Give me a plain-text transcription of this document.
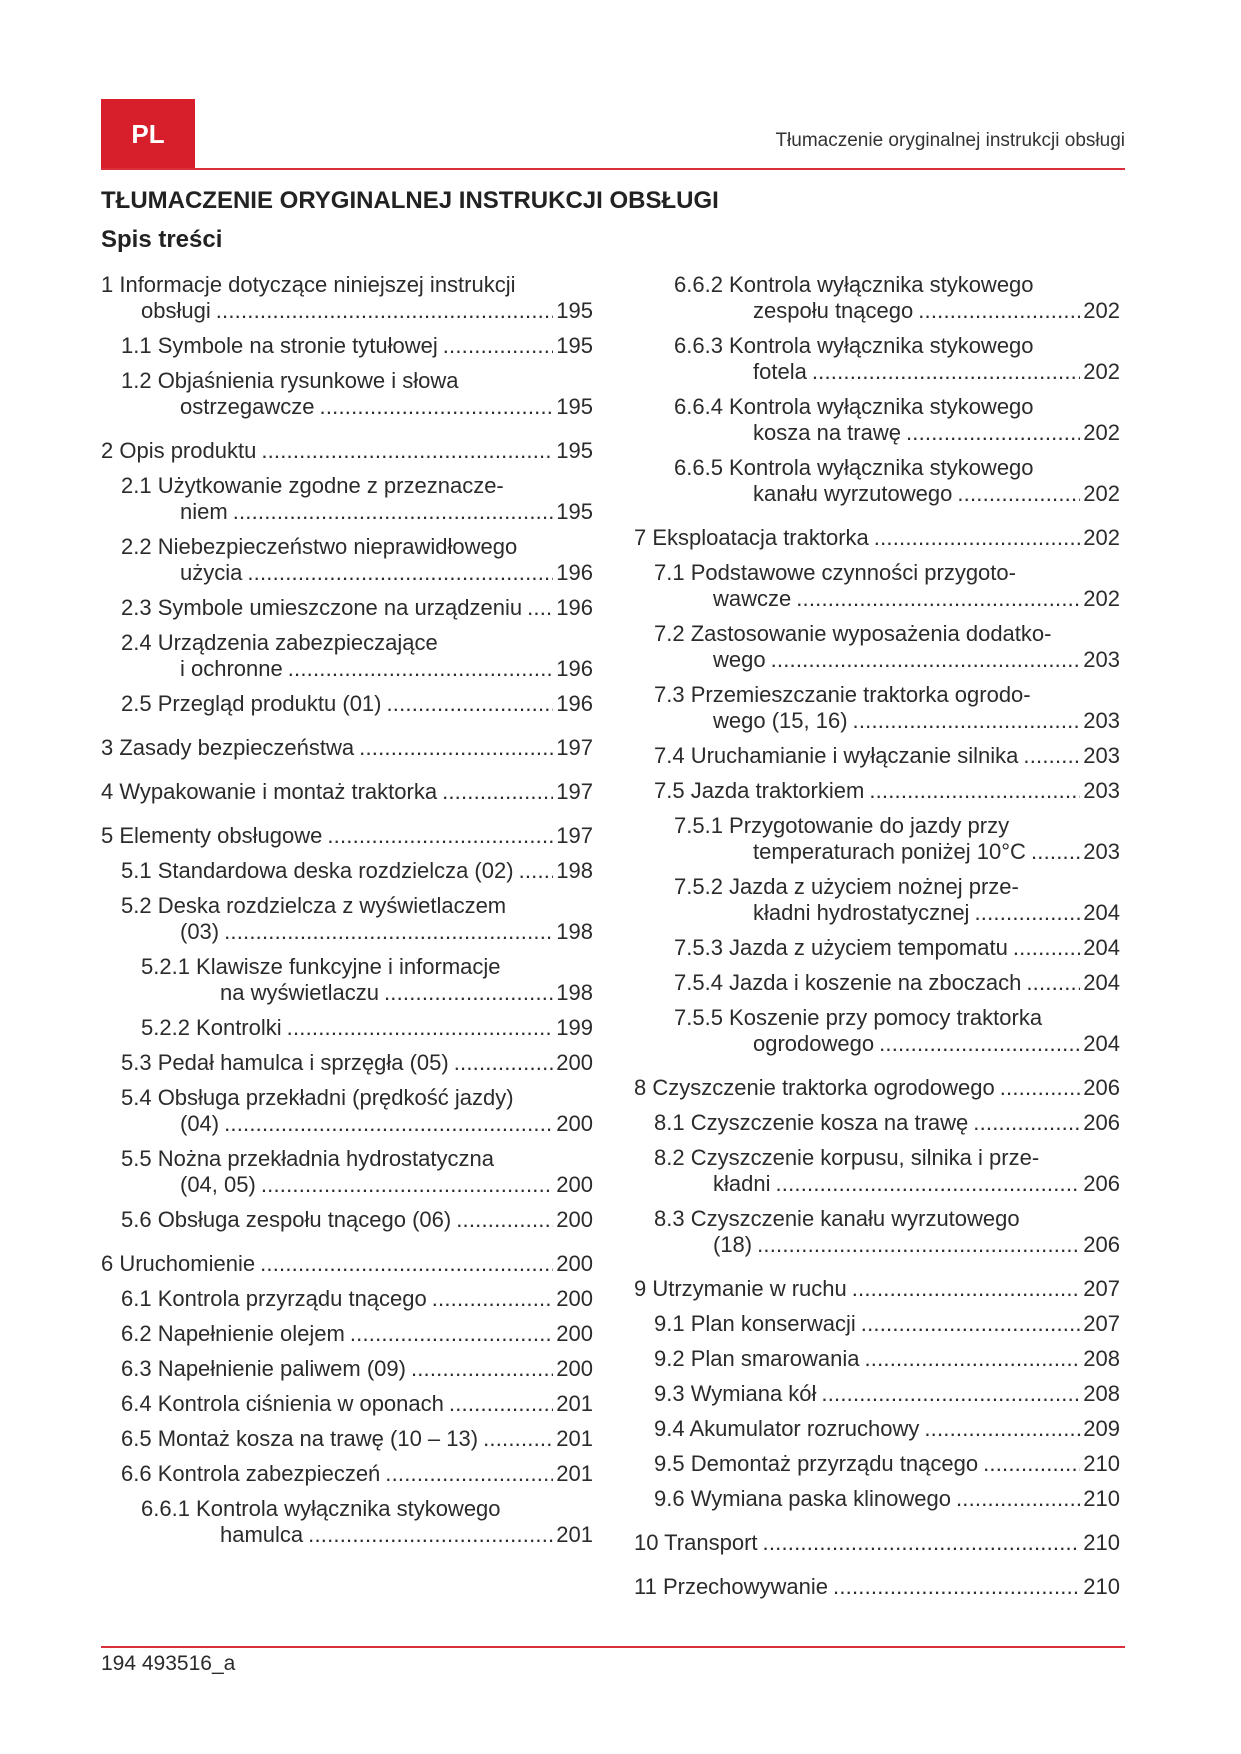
PL	Tłumaczenie oryginalnej instrukcji obsługi
TŁUMACZENIE ORYGINALNEJ INSTRUKCJI OBSŁUGI
Spis treści
1 Informacje dotyczące niniejszej instrukcji
obsługi .....	195
1.1 Symbole na stronie tytułowej .....	195
1.2 Objaśnienia rysunkowe i słowa
ostrzegawcze .....	195
2 Opis produktu .....	195
2.1 Użytkowanie zgodne z przeznacze-
niem .....	195
2.2 Niebezpieczeństwo nieprawidłowego
użycia .....	196
2.3 Symbole umieszczone na urządzeniu ..... 196
2.4 Urządzenia zabezpieczające
i ochronne .....	196
2.5 Przegląd produktu (01) .....	196
3 Zasady bezpieczeństwa .....	197
4 Wypakowanie i montaż traktorka .....	197
5 Elementy obsługowe .....	197
5.1 Standardowa deska rozdzielcza (02) ..... 198
5.2 Deska rozdzielcza z wyświetlaczem
(03) .....	198
5.2.1 Klawisze funkcyjne i informacje
na wyświetlaczu .....	198
5.2.2 Kontrolki .....	199
5.3 Pedał hamulca i sprzęgła (05) .....	200
5.4 Obsługa przekładni (prędkość jazdy)
(04) .....	200
5.5 Nożna przekładnia hydrostatyczna
(04, 05) .....	200
5.6 Obsługa zespołu tnącego (06) .....	200
6 Uruchomienie .....	200
6.1 Kontrola przyrządu tnącego .....	200
6.2 Napełnienie olejem .....	200
6.3 Napełnienie paliwem (09) .....	200
6.4 Kontrola ciśnienia w oponach .....	201
6.5 Montaż kosza na trawę (10 – 13) .....	201
6.6 Kontrola zabezpieczeń .....	201
6.6.1 Kontrola wyłącznika stykowego
hamulca .....	201
6.6.2 Kontrola wyłącznika stykowego
zespołu tnącego .....	202
6.6.3 Kontrola wyłącznika stykowego
fotela .....	202
6.6.4 Kontrola wyłącznika stykowego
kosza na trawę .....	202
6.6.5 Kontrola wyłącznika stykowego
kanału wyrzutowego .....	202
7 Eksploatacja traktorka .....	202
7.1 Podstawowe czynności przygoto-
wawcze .....	202
7.2 Zastosowanie wyposażenia dodatko-
wego .....	203
7.3 Przemieszczanie traktorka ogrodo-
wego (15, 16) .....	203
7.4 Uruchamianie i wyłączanie silnika .....	203
7.5 Jazda traktorkiem .....	203
7.5.1 Przygotowanie do jazdy przy
temperaturach poniżej 10°C .....	203
7.5.2 Jazda z użyciem nożnej prze-
kładni hydrostatycznej .....	204
7.5.3 Jazda z użyciem tempomatu .....	204
7.5.4 Jazda i koszenie na zboczach .....	204
7.5.5 Koszenie przy pomocy traktorka
ogrodowego .....	204
8 Czyszczenie traktorka ogrodowego .....	206
8.1 Czyszczenie kosza na trawę .....	206
8.2 Czyszczenie korpusu, silnika i prze-
kładni .....	206
8.3 Czyszczenie kanału wyrzutowego
(18) .....	206
9 Utrzymanie w ruchu .....	207
9.1 Plan konserwacji .....	207
9.2 Plan smarowania .....	208
9.3 Wymiana kół .....	208
9.4 Akumulator rozruchowy .....	209
9.5 Demontaż przyrządu tnącego .....	210
9.6 Wymiana paska klinowego .....	210
10 Transport .....	210
11 Przechowywanie .....	210
194 493516_a
